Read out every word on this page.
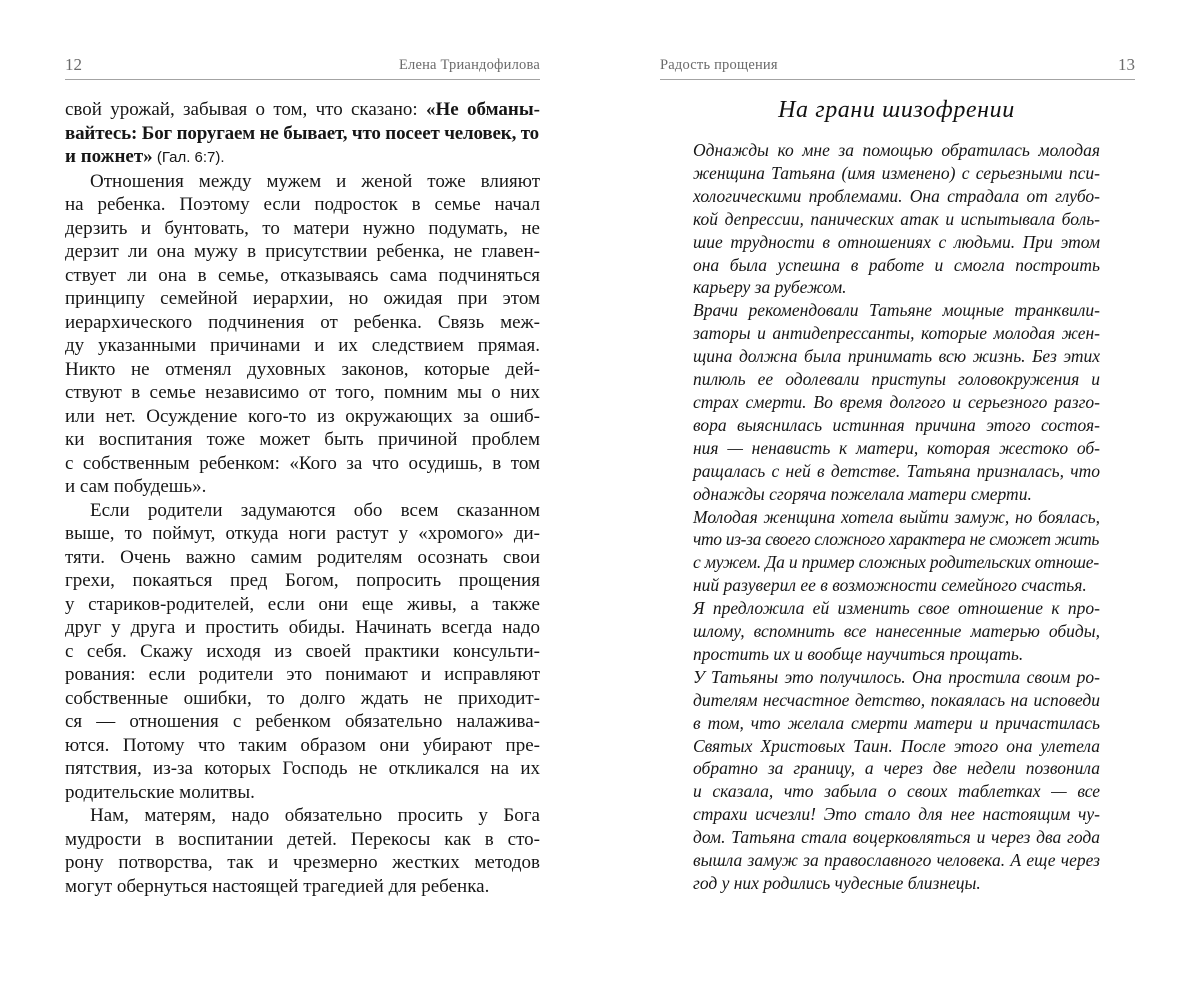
12	Елена Триандофилова
свой урожай, забывая о том, что сказано: «Не обманы-
вайтесь: Бог поругаем не бывает, что посеет человек, то
и пожнет» (Гал. 6:7).
Отношения между мужем и женой тоже влияют
на ребенка. Поэтому если подросток в семье начал
дерзить и бунтовать, то матери нужно подумать, не
дерзит ли она мужу в присутствии ребенка, не главен-
ствует ли она в семье, отказываясь сама подчиняться
принципу семейной иерархии, но ожидая при этом
иерархического подчинения от ребенка. Связь меж-
ду указанными причинами и их следствием прямая.
Никто не отменял духовных законов, которые дей-
ствуют в семье независимо от того, помним мы о них
или нет. Осуждение кого-то из окружающих за ошиб-
ки воспитания тоже может быть причиной проблем
с собственным ребенком: «Кого за что осудишь, в том
и сам побудешь».
Если родители задумаются обо всем сказанном
выше, то поймут, откуда ноги растут у «хромого» ди-
тяти. Очень важно самим родителям осознать свои
грехи, покаяться пред Богом, попросить прощения
у стариков-родителей, если они еще живы, а также
друг у друга и простить обиды. Начинать всегда надо
с себя. Скажу исходя из своей практики консульти-
рования: если родители это понимают и исправляют
собственные ошибки, то долго ждать не приходит-
ся — отношения с ребенком обязательно налажива-
ются. Потому что таким образом они убирают пре-
пятствия, из-за которых Господь не откликался на их
родительские молитвы.
Нам, матерям, надо обязательно просить у Бога
мудрости в воспитании детей. Перекосы как в сто-
рону потворства, так и чрезмерно жестких методов
могут обернуться настоящей трагедией для ребенка.
Радость прощения	13
На грани шизофрении
Однажды ко мне за помощью обратилась молодая
женщина Татьяна (имя изменено) с серьезными пси-
хологическими проблемами. Она страдала от глубо-
кой депрессии, панических атак и испытывала боль-
шие трудности в отношениях с людьми. При этом
она была успешна в работе и смогла построить
карьеру за рубежом.
Врачи рекомендовали Татьяне мощные транквили-
заторы и антидепрессанты, которые молодая жен-
щина должна была принимать всю жизнь. Без этих
пилюль ее одолевали приступы головокружения и
страх смерти. Во время долгого и серьезного разго-
вора выяснилась истинная причина этого состоя-
ния — ненависть к матери, которая жестоко об-
ращалась с ней в детстве. Татьяна призналась, что
однажды сгоряча пожелала матери смерти.
Молодая женщина хотела выйти замуж, но боялась,
что из-за своего сложного характера не сможет жить
с мужем. Да и пример сложных родительских отноше-
ний разуверил ее в возможности семейного счастья.
Я предложила ей изменить свое отношение к про-
шлому, вспомнить все нанесенные матерью обиды,
простить их и вообще научиться прощать.
У Татьяны это получилось. Она простила своим ро-
дителям несчастное детство, покаялась на исповеди
в том, что желала смерти матери и причастилась
Святых Христовых Таин. После этого она улетела
обратно за границу, а через две недели позвонила
и сказала, что забыла о своих таблетках — все
страхи исчезли! Это стало для нее настоящим чу-
дом. Татьяна стала воцерковляться и через два года
вышла замуж за православного человека. А еще через
год у них родились чудесные близнецы.
